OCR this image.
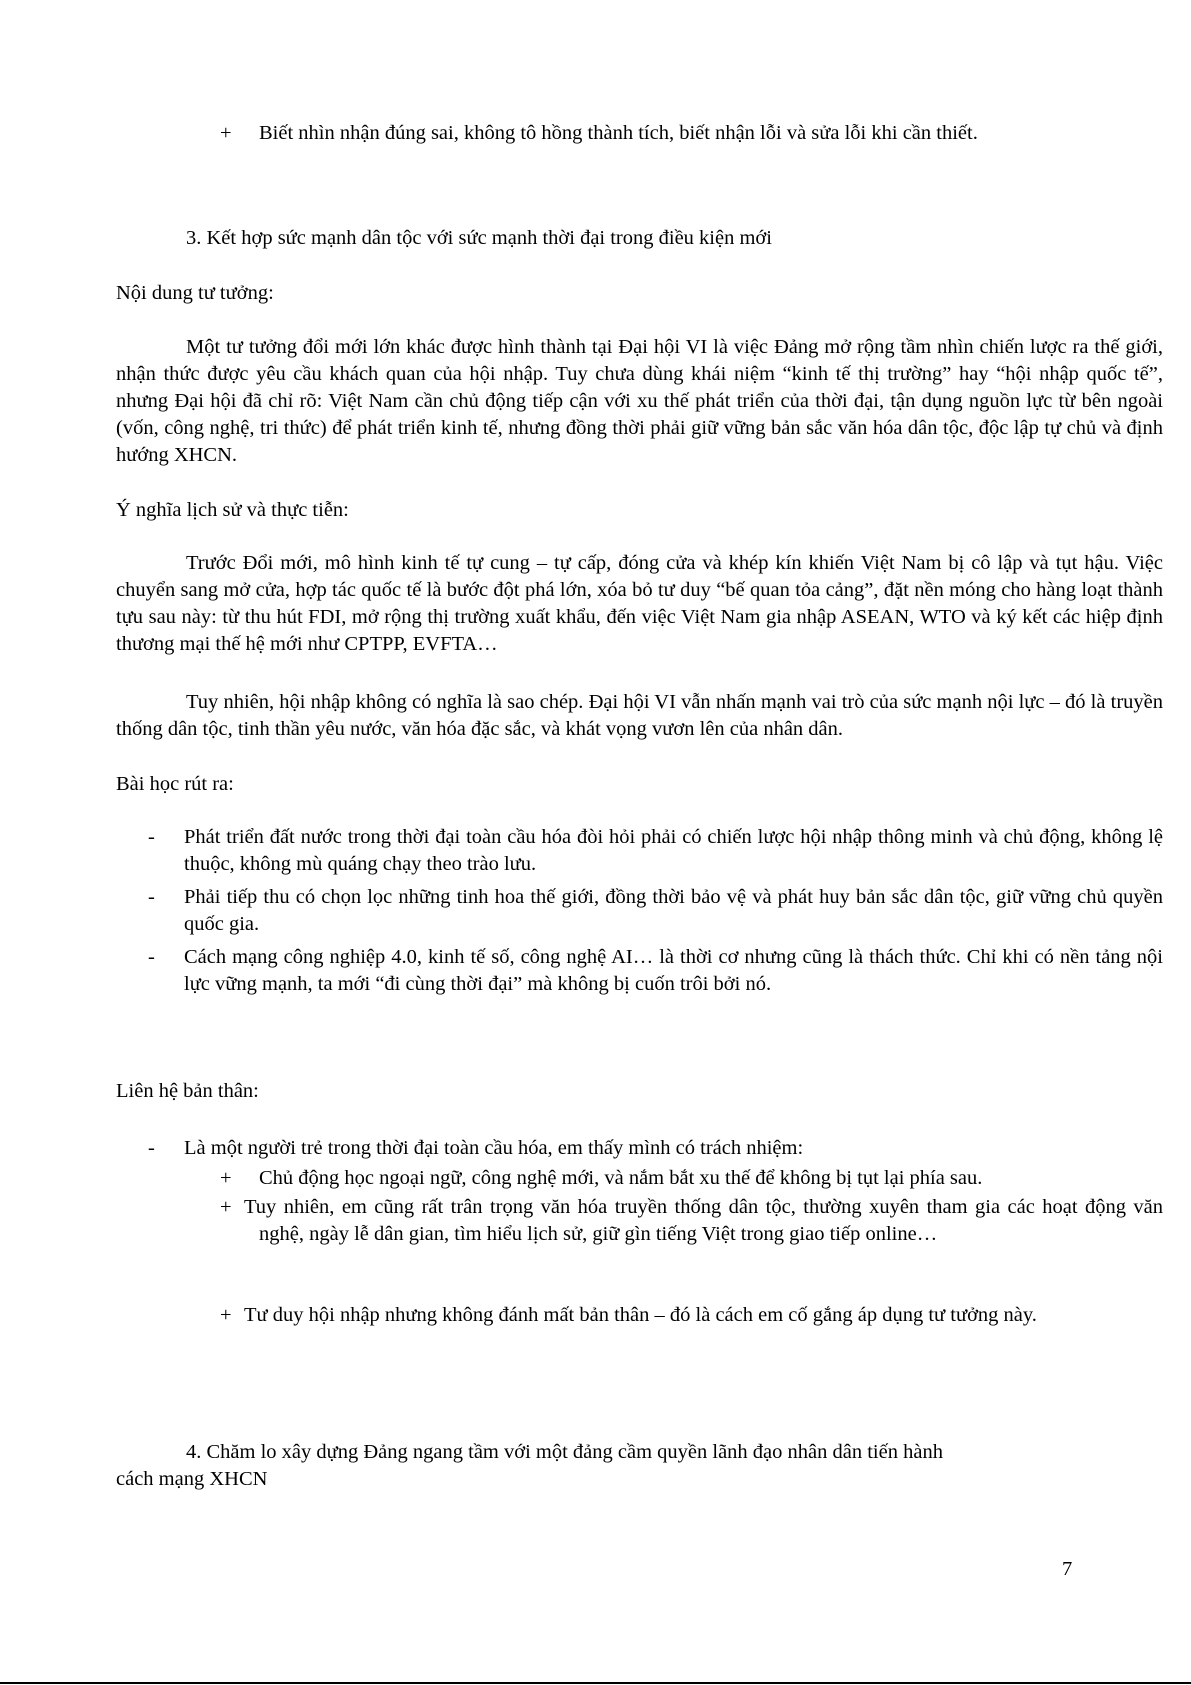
+ Biết nhìn nhận đúng sai, không tô hồng thành tích, biết nhận lỗi và sửa lỗi khi cần thiết.

3. Kết hợp sức mạnh dân tộc với sức mạnh thời đại trong điều kiện mới

Nội dung tư tưởng:

Một tư tưởng đổi mới lớn khác được hình thành tại Đại hội VI là việc Đảng mở rộng tầm nhìn chiến lược ra thế giới, nhận thức được yêu cầu khách quan của hội nhập. Tuy chưa dùng khái niệm “kinh tế thị trường” hay “hội nhập quốc tế”, nhưng Đại hội đã chỉ rõ: Việt Nam cần chủ động tiếp cận với xu thế phát triển của thời đại, tận dụng nguồn lực từ bên ngoài (vốn, công nghệ, tri thức) để phát triển kinh tế, nhưng đồng thời phải giữ vững bản sắc văn hóa dân tộc, độc lập tự chủ và định hướng XHCN.

Ý nghĩa lịch sử và thực tiễn:

Trước Đổi mới, mô hình kinh tế tự cung – tự cấp, đóng cửa và khép kín khiến Việt Nam bị cô lập và tụt hậu. Việc chuyển sang mở cửa, hợp tác quốc tế là bước đột phá lớn, xóa bỏ tư duy “bế quan tỏa cảng”, đặt nền móng cho hàng loạt thành tựu sau này: từ thu hút FDI, mở rộng thị trường xuất khẩu, đến việc Việt Nam gia nhập ASEAN, WTO và ký kết các hiệp định thương mại thế hệ mới như CPTPP, EVFTA…

Tuy nhiên, hội nhập không có nghĩa là sao chép. Đại hội VI vẫn nhấn mạnh vai trò của sức mạnh nội lực – đó là truyền thống dân tộc, tinh thần yêu nước, văn hóa đặc sắc, và khát vọng vươn lên của nhân dân.

Bài học rút ra:

- Phát triển đất nước trong thời đại toàn cầu hóa đòi hỏi phải có chiến lược hội nhập thông minh và chủ động, không lệ thuộc, không mù quáng chạy theo trào lưu.

- Phải tiếp thu có chọn lọc những tinh hoa thế giới, đồng thời bảo vệ và phát huy bản sắc dân tộc, giữ vững chủ quyền quốc gia.

- Cách mạng công nghiệp 4.0, kinh tế số, công nghệ AI… là thời cơ nhưng cũng là thách thức. Chỉ khi có nền tảng nội lực vững mạnh, ta mới “đi cùng thời đại” mà không bị cuốn trôi bởi nó.

Liên hệ bản thân:

- Là một người trẻ trong thời đại toàn cầu hóa, em thấy mình có trách nhiệm:

+ Chủ động học ngoại ngữ, công nghệ mới, và nắm bắt xu thế để không bị tụt lại phía sau.

+ Tuy nhiên, em cũng rất trân trọng văn hóa truyền thống dân tộc, thường xuyên tham gia các hoạt động văn nghệ, ngày lễ dân gian, tìm hiểu lịch sử, giữ gìn tiếng Việt trong giao tiếp online…

+ Tư duy hội nhập nhưng không đánh mất bản thân – đó là cách em cố gắng áp dụng tư tưởng này.

4. Chăm lo xây dựng Đảng ngang tầm với một đảng cầm quyền lãnh đạo nhân dân tiến hành

cách mạng XHCN

7
